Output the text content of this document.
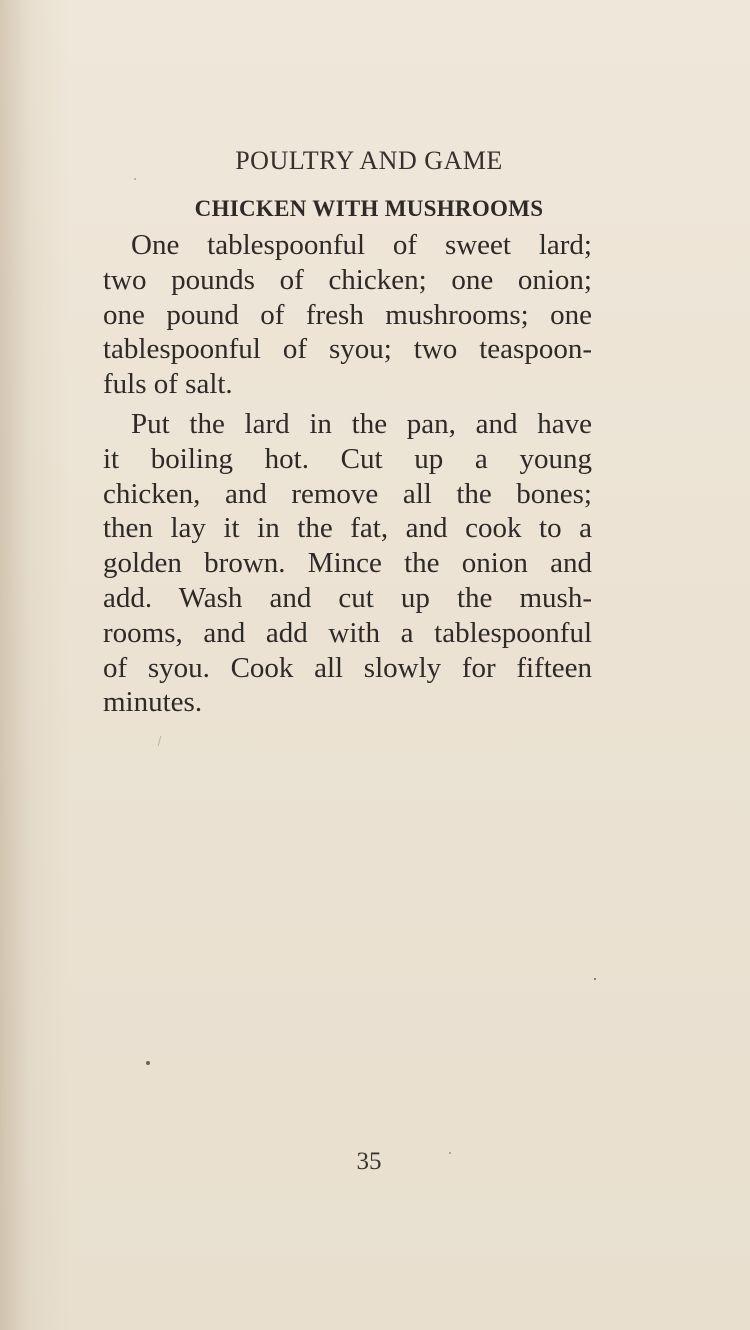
POULTRY AND GAME
CHICKEN WITH MUSHROOMS

One tablespoonful of sweet lard;
two pounds of chicken; one onion;
one pound of fresh mushrooms; one
tablespoonful of syou; two teaspoon-
fuls of salt.

Put the lard in the pan, and have
it boiling hot. Cut up a young
chicken, and remove all the bones;
then lay it in the fat, and cook to a
golden brown. Mince the onion and
add. Wash and cut up the mush-
rooms, and add with a tablespoonful
of syou. Cook all slowly for fifteen
minutes.

35
